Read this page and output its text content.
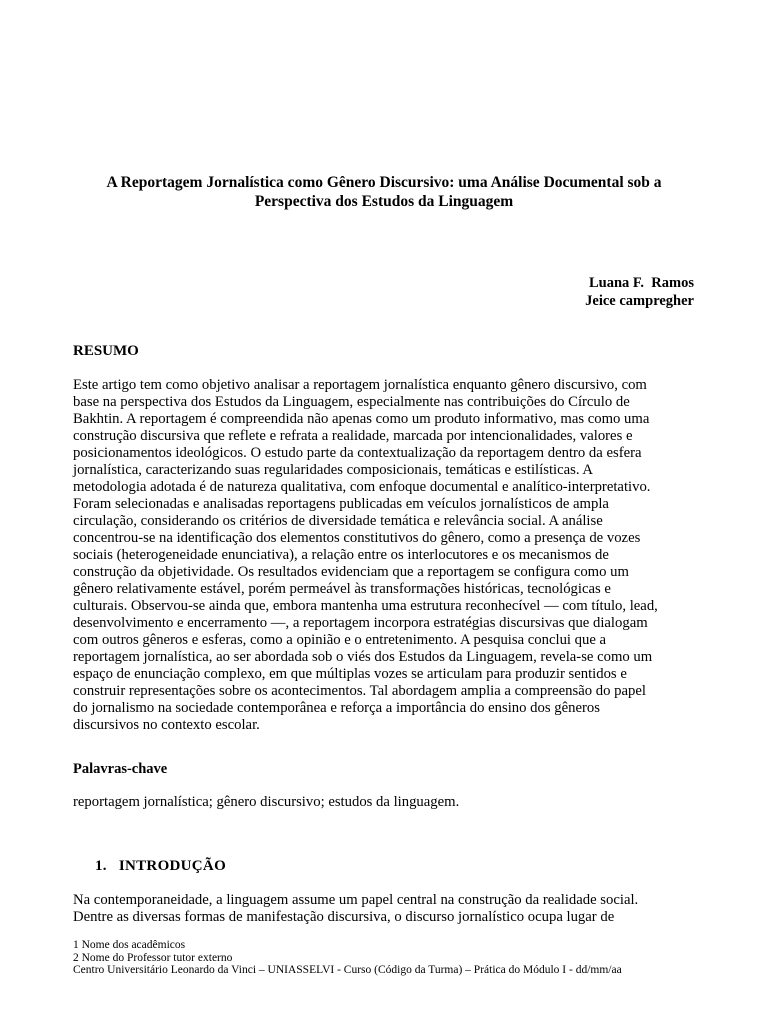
A Reportagem Jornalística como Gênero Discursivo: uma Análise Documental sob a
Perspectiva dos Estudos da Linguagem
Luana F.  Ramos
Jeice campregher
RESUMO
Este artigo tem como objetivo analisar a reportagem jornalística enquanto gênero discursivo, com
base na perspectiva dos Estudos da Linguagem, especialmente nas contribuições do Círculo de
Bakhtin. A reportagem é compreendida não apenas como um produto informativo, mas como uma
construção discursiva que reflete e refrata a realidade, marcada por intencionalidades, valores e
posicionamentos ideológicos. O estudo parte da contextualização da reportagem dentro da esfera
jornalística, caracterizando suas regularidades composicionais, temáticas e estilísticas. A
metodologia adotada é de natureza qualitativa, com enfoque documental e analítico-interpretativo.
Foram selecionadas e analisadas reportagens publicadas em veículos jornalísticos de ampla
circulação, considerando os critérios de diversidade temática e relevância social. A análise
concentrou-se na identificação dos elementos constitutivos do gênero, como a presença de vozes
sociais (heterogeneidade enunciativa), a relação entre os interlocutores e os mecanismos de
construção da objetividade. Os resultados evidenciam que a reportagem se configura como um
gênero relativamente estável, porém permeável às transformações históricas, tecnológicas e
culturais. Observou-se ainda que, embora mantenha uma estrutura reconhecível — com título, lead,
desenvolvimento e encerramento —, a reportagem incorpora estratégias discursivas que dialogam
com outros gêneros e esferas, como a opinião e o entretenimento. A pesquisa conclui que a
reportagem jornalística, ao ser abordada sob o viés dos Estudos da Linguagem, revela-se como um
espaço de enunciação complexo, em que múltiplas vozes se articulam para produzir sentidos e
construir representações sobre os acontecimentos. Tal abordagem amplia a compreensão do papel
do jornalismo na sociedade contemporânea e reforça a importância do ensino dos gêneros
discursivos no contexto escolar.
Palavras-chave
reportagem jornalística; gênero discursivo; estudos da linguagem.
1. INTRODUÇÃO
Na contemporaneidade, a linguagem assume um papel central na construção da realidade social.
Dentre as diversas formas de manifestação discursiva, o discurso jornalístico ocupa lugar de
1 Nome dos acadêmicos
2 Nome do Professor tutor externo
Centro Universitário Leonardo da Vinci – UNIASSELVI - Curso (Código da Turma) – Prática do Módulo I - dd/mm/aa
